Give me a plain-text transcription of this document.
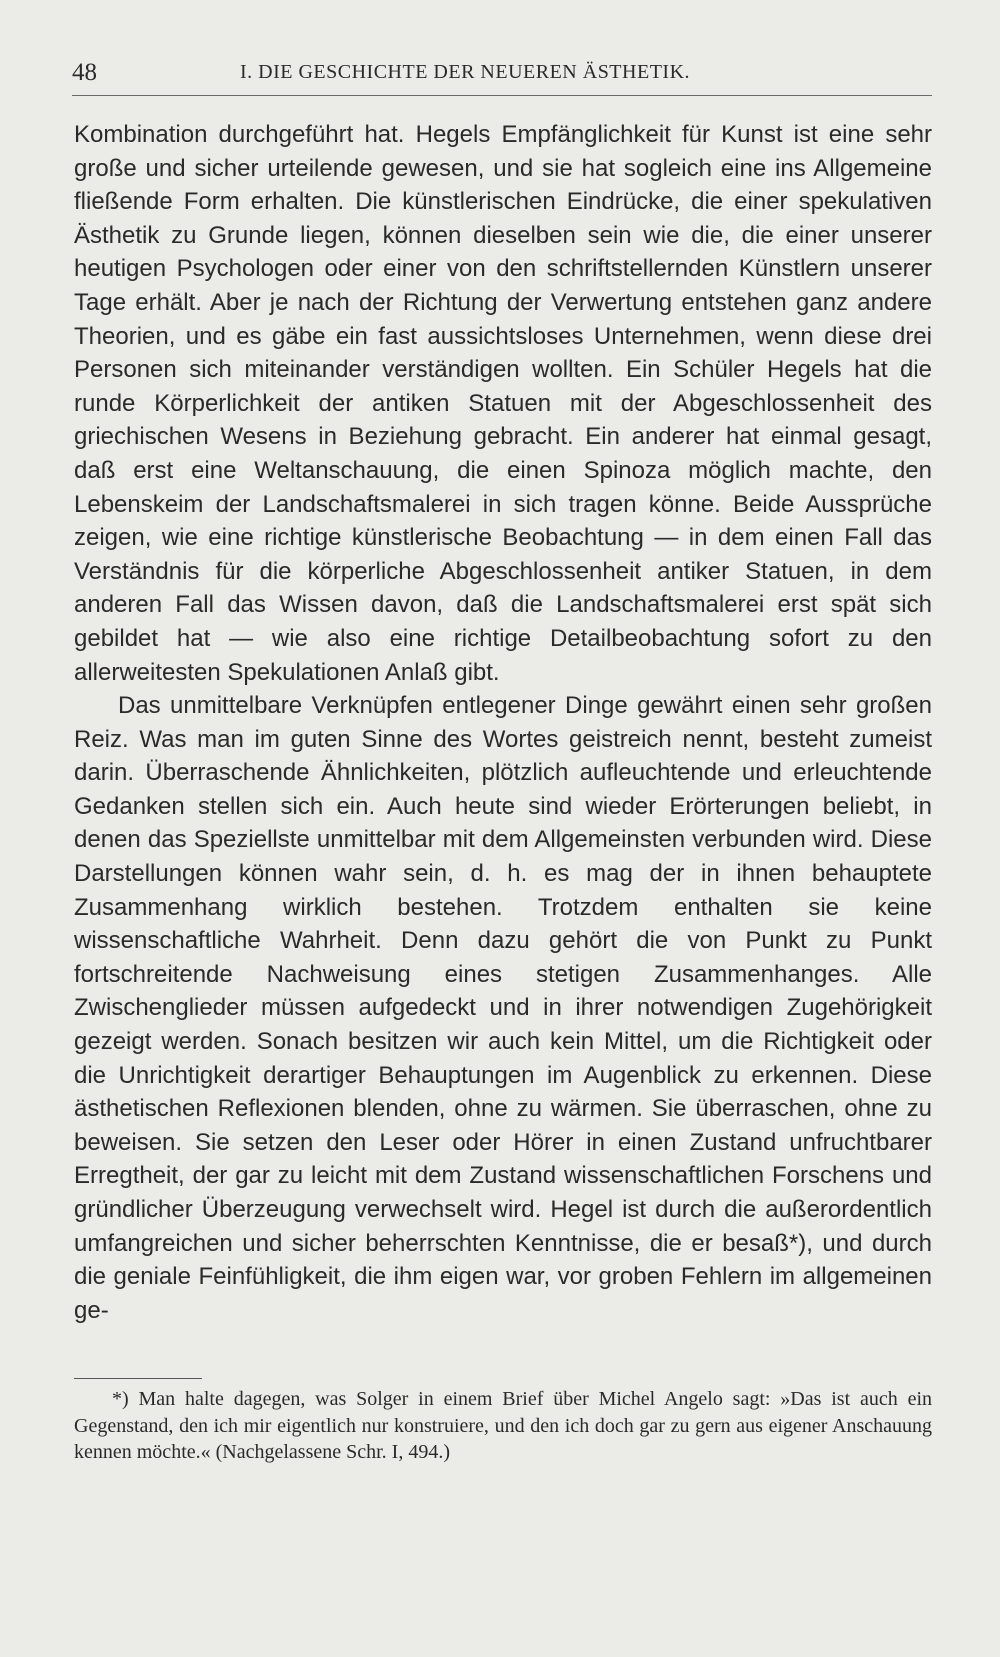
48	I. DIE GESCHICHTE DER NEUEREN ÄSTHETIK.

Kombination durchgeführt hat. Hegels Empfänglichkeit für Kunst ist eine sehr große und sicher urteilende gewesen, und sie hat sogleich eine ins Allgemeine fließende Form erhalten. Die künstlerischen Eindrücke, die einer spekulativen Ästhetik zu Grunde liegen, können dieselben sein wie die, die einer unserer heutigen Psychologen oder einer von den schriftstellernden Künstlern unserer Tage erhält. Aber je nach der Richtung der Verwertung entstehen ganz andere Theorien, und es gäbe ein fast aussichtsloses Unternehmen, wenn diese drei Personen sich miteinander verständigen wollten. Ein Schüler Hegels hat die runde Körperlichkeit der antiken Statuen mit der Abgeschlossenheit des griechischen Wesens in Beziehung gebracht. Ein anderer hat einmal gesagt, daß erst eine Weltanschauung, die einen Spinoza möglich machte, den Lebenskeim der Landschaftsmalerei in sich tragen könne. Beide Aussprüche zeigen, wie eine richtige künstlerische Beobachtung — in dem einen Fall das Verständnis für die körperliche Abgeschlossenheit antiker Statuen, in dem anderen Fall das Wissen davon, daß die Landschaftsmalerei erst spät sich gebildet hat — wie also eine richtige Detailbeobachtung sofort zu den allerweitesten Spekulationen Anlaß gibt.

Das unmittelbare Verknüpfen entlegener Dinge gewährt einen sehr großen Reiz. Was man im guten Sinne des Wortes geistreich nennt, besteht zumeist darin. Überraschende Ähnlichkeiten, plötzlich aufleuchtende und erleuchtende Gedanken stellen sich ein. Auch heute sind wieder Erörterungen beliebt, in denen das Speziellste unmittelbar mit dem Allgemeinsten verbunden wird. Diese Darstellungen können wahr sein, d. h. es mag der in ihnen behauptete Zusammenhang wirklich bestehen. Trotzdem enthalten sie keine wissenschaftliche Wahrheit. Denn dazu gehört die von Punkt zu Punkt fortschreitende Nachweisung eines stetigen Zusammenhanges. Alle Zwischenglieder müssen aufgedeckt und in ihrer notwendigen Zugehörigkeit gezeigt werden. Sonach besitzen wir auch kein Mittel, um die Richtigkeit oder die Unrichtigkeit derartiger Behauptungen im Augenblick zu erkennen. Diese ästhetischen Reflexionen blenden, ohne zu wärmen. Sie überraschen, ohne zu beweisen. Sie setzen den Leser oder Hörer in einen Zustand unfruchtbarer Erregtheit, der gar zu leicht mit dem Zustand wissenschaftlichen Forschens und gründlicher Überzeugung verwechselt wird. Hegel ist durch die außerordentlich umfangreichen und sicher beherrschten Kenntnisse, die er besaß*), und durch die geniale Feinfühligkeit, die ihm eigen war, vor groben Fehlern im allgemeinen ge-

*) Man halte dagegen, was Solger in einem Brief über Michel Angelo sagt: »Das ist auch ein Gegenstand, den ich mir eigentlich nur konstruiere, und den ich doch gar zu gern aus eigener Anschauung kennen möchte.« (Nachgelassene Schr. I, 494.)
